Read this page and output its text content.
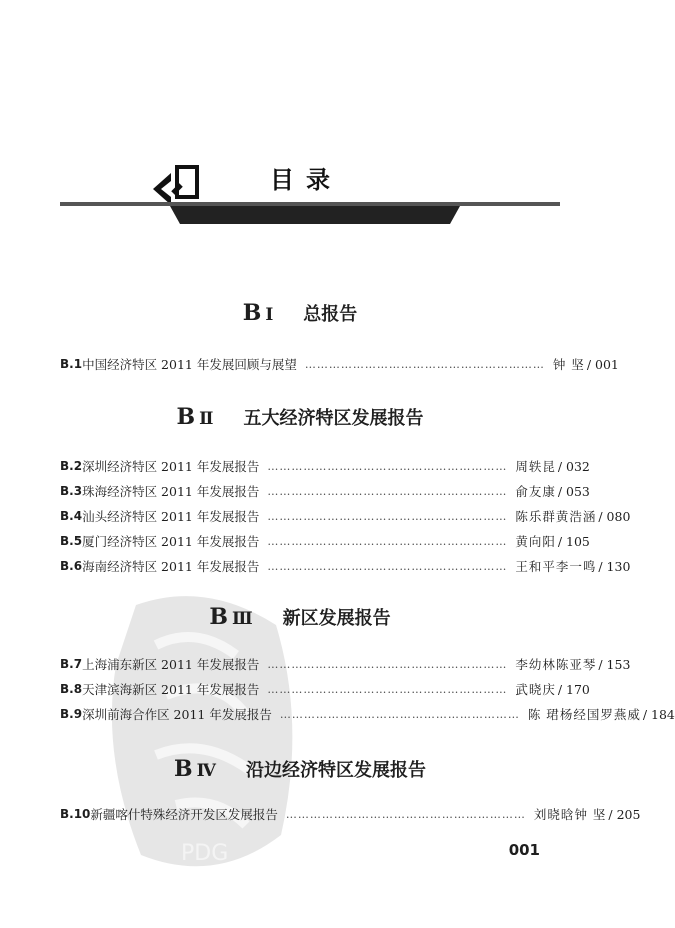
PDG
目录
B Ⅰ 总报告
B.1 中国经济特区 2011 年发展回顾与展望 …………………………………………………… 钟 坚 / 001
B Ⅱ 五大经济特区发展报告
B.2 深圳经济特区 2011 年发展报告 …………………………………………………… 周轶昆 / 032
B.3 珠海经济特区 2011 年发展报告 …………………………………………………… 俞友康 / 053
B.4 汕头经济特区 2011 年发展报告 …………………………………………………… 陈乐群 黄浩涵 / 080
B.5 厦门经济特区 2011 年发展报告 …………………………………………………… 黄向阳 / 105
B.6 海南经济特区 2011 年发展报告 …………………………………………………… 王和平 李一鸣 / 130
B Ⅲ 新区发展报告
B.7 上海浦东新区 2011 年发展报告 …………………………………………………… 李幼林 陈亚琴 / 153
B.8 天津滨海新区 2011 年发展报告 …………………………………………………… 武晓庆 / 170
B.9 深圳前海合作区 2011 年发展报告 …………………………………………………… 陈 珺 杨经国 罗燕威 / 184
B Ⅳ 沿边经济特区发展报告
B.10 新疆喀什特殊经济开发区发展报告 …………………………………………………… 刘晓晗 钟 坚 / 205
001
